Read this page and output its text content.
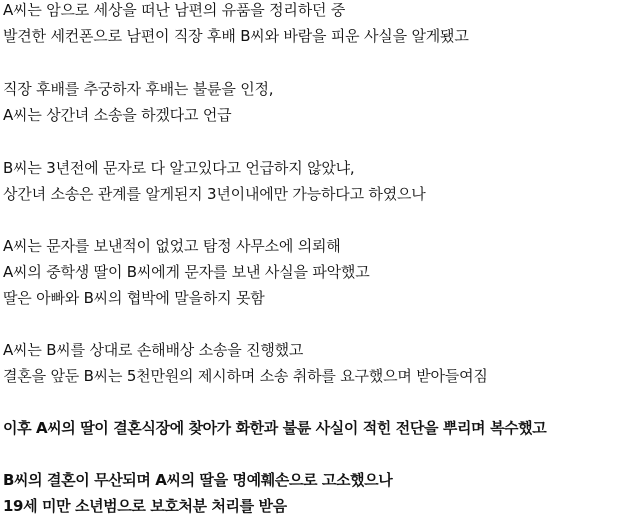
A씨는 암으로 세상을 떠난 남편의 유품을 정리하던 중
발견한 세컨폰으로 남편이 직장 후배 B씨와 바람을 피운 사실을 알게됐고
직장 후배를 추궁하자 후배는 불륜을 인정,
A씨는 상간녀 소송을 하겠다고 언급
B씨는 3년전에 문자로 다 알고있다고 언급하지 않았냐,
상간녀 소송은 관계를 알게된지 3년이내에만 가능하다고 하였으나
A씨는 문자를 보낸적이 없었고 탐정 사무소에 의뢰해
A씨의 중학생 딸이 B씨에게 문자를 보낸 사실을 파악했고
딸은 아빠와 B씨의 협박에 말을하지 못함
A씨는 B씨를 상대로 손해배상 소송을 진행했고
결혼을 앞둔 B씨는 5천만원의 제시하며 소송 취하를 요구했으며 받아들여짐
이후 A씨의 딸이 결혼식장에 찾아가 화한과 불륜 사실이 적힌 전단을 뿌리며 복수했고
B씨의 결혼이 무산되며 A씨의 딸을 명예훼손으로 고소했으나
19세 미만 소년범으로 보호처분 처리를 받음
